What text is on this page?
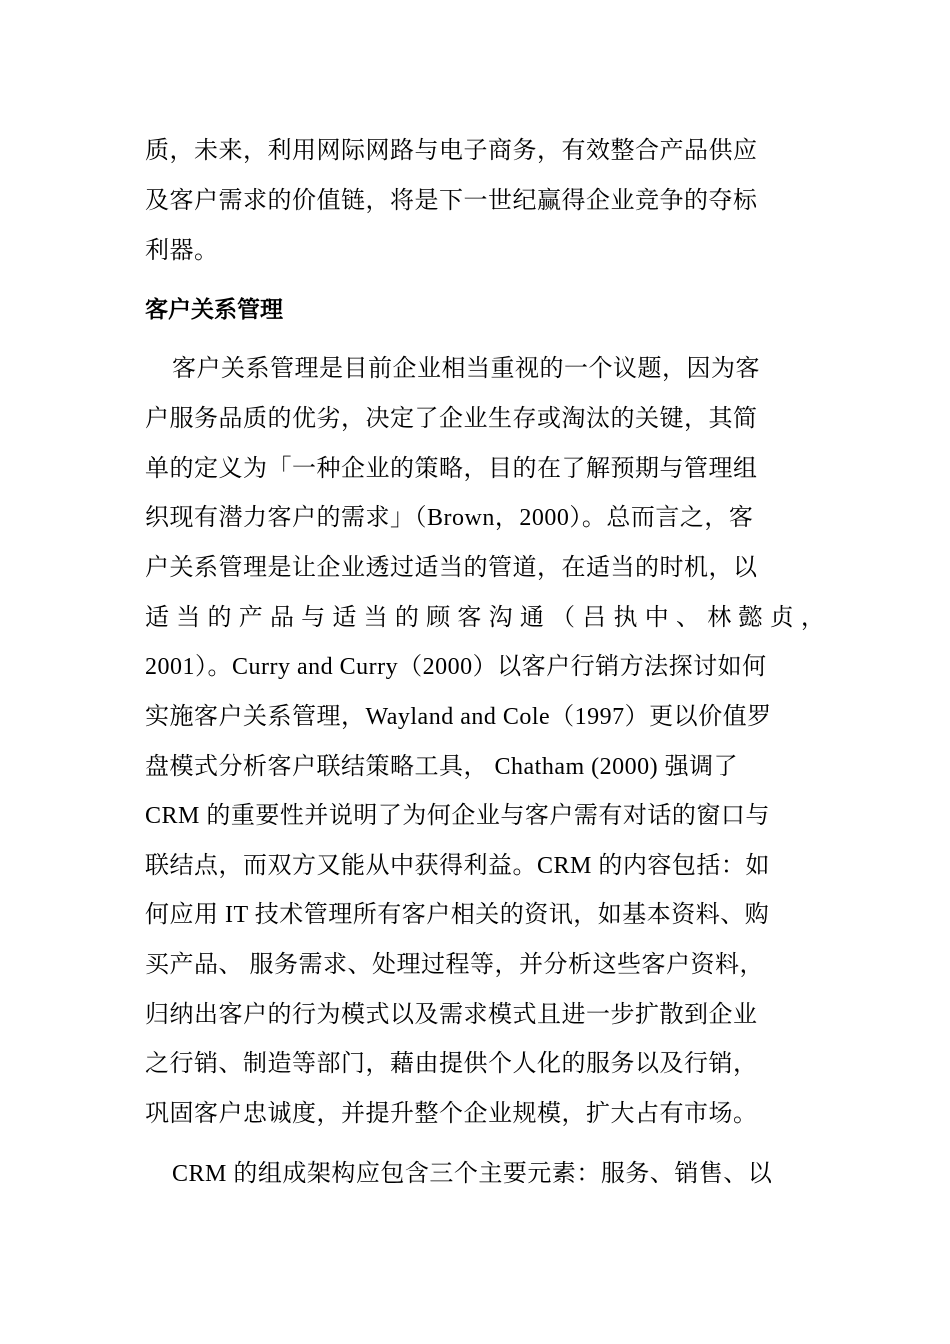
质，未来，利用网际网路与电子商务，有效整合产品供应
及客户需求的价值链，将是下一世纪赢得企业竞争的夺标
利器。
客户关系管理
客户关系管理是目前企业相当重视的一个议题，因为客
户服务品质的优劣，决定了企业生存或淘汰的关键，其简
单的定义为「一种企业的策略，目的在了解预期与管理组
织现有潜力客户的需求」（Brown，2000）。总而言之，客
户关系管理是让企业透过适当的管道，在适当的时机，以
适 当 的 产 品 与 适 当 的 顾 客 沟 通 （ 吕 执 中 、 林 懿 贞 ，
2001）。Curry and Curry（2000）以客户行销方法探讨如何
实施客户关系管理，Wayland and Cole（1997）更以价值罗
盘模式分析客户联结策略工具， Chatham (2000) 强调了
CRM 的重要性并说明了为何企业与客户需有对话的窗口与
联结点，而双方又能从中获得利益。CRM 的内容包括：如
何应用 IT 技术管理所有客户相关的资讯，如基本资料、购
买产品、 服务需求、处理过程等，并分析这些客户资料，
归纳出客户的行为模式以及需求模式且进一步扩散到企业
之行销、制造等部门，藉由提供个人化的服务以及行销，
巩固客户忠诚度，并提升整个企业规模，扩大占有市场。
CRM 的组成架构应包含三个主要元素：服务、销售、以
